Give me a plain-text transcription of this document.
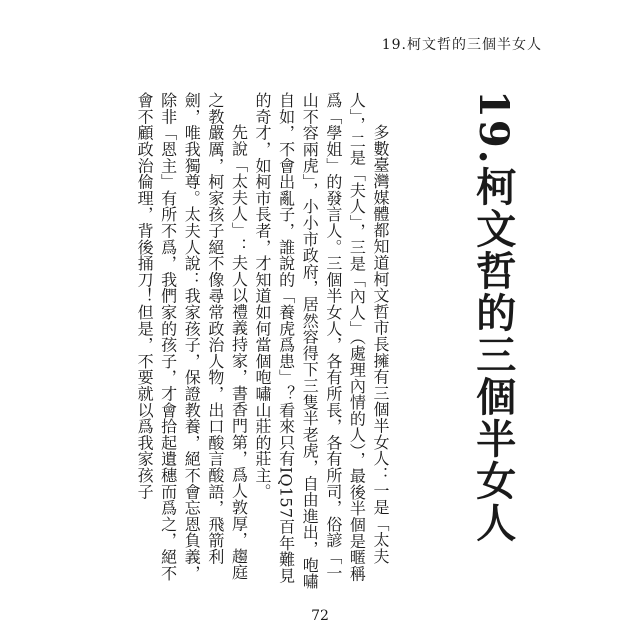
19.柯文哲的三個半女人
19.柯文哲的三個半女人

多數臺灣媒體都知道柯文哲市長擁有三個半女人：一是「太夫人」，二是「夫人」，三是「內人」（處理內情的人），最後半個是暱稱爲「學姐」的發言人。三個半女人，各有所長，各有所司，俗諺「一山不容兩虎」，小小市政府，居然容得下三隻半老虎，自由進出，咆嘯自如，不會出亂子，誰說的「養虎爲患」？看來只有IQ157百年難見的奇才，如柯市長者，才知道如何當個咆嘯山莊的莊主。

先說「太夫人」：夫人以禮義持家，書香門第，爲人敦厚，趨庭之教嚴厲，柯家孩子絕不像尋常政治人物，出口酸言酸語，飛箭利劍，唯我獨尊。太夫人說：我家孩子，保證教養，絕不會忘恩負義，除非「恩主」有所不爲，我們家的孩子，才會拾起遺穗而爲之，絕不會不顧政治倫理，背後捅刀！但是，不要就以爲我家孩子

72
